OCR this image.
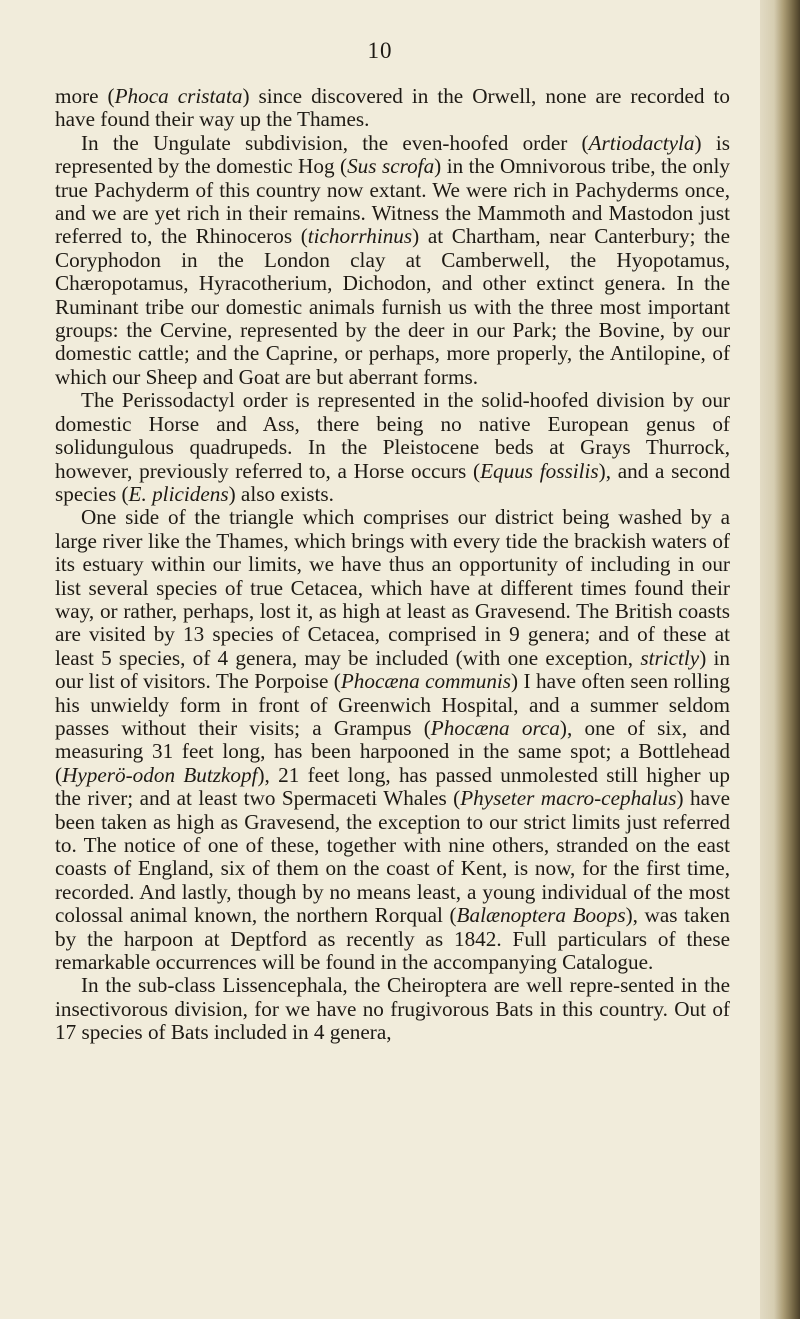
10

more (Phoca cristata) since discovered in the Orwell, none are recorded to have found their way up the Thames.

In the Ungulate subdivision, the even-hoofed order (Artiodactyla) is represented by the domestic Hog (Sus scrofa) in the Omnivorous tribe, the only true Pachyderm of this country now extant. We were rich in Pachyderms once, and we are yet rich in their remains. Witness the Mammoth and Mastodon just referred to, the Rhinoceros (tichorrhinus) at Chartham, near Canterbury; the Coryphodon in the London clay at Camberwell, the Hyopotamus, Chæropotamus, Hyracotherium, Dichodon, and other extinct genera. In the Ruminant tribe our domestic animals furnish us with the three most important groups: the Cervine, represented by the deer in our Park; the Bovine, by our domestic cattle; and the Caprine, or perhaps, more properly, the Antilopine, of which our Sheep and Goat are but aberrant forms.

The Perissodactyl order is represented in the solid-hoofed division by our domestic Horse and Ass, there being no native European genus of solidungulous quadrupeds. In the Pleistocene beds at Grays Thurrock, however, previously referred to, a Horse occurs (Equus fossilis), and a second species (E. plicidens) also exists.

One side of the triangle which comprises our district being washed by a large river like the Thames, which brings with every tide the brackish waters of its estuary within our limits, we have thus an opportunity of including in our list several species of true Cetacea, which have at different times found their way, or rather, perhaps, lost it, as high at least as Gravesend. The British coasts are visited by 13 species of Cetacea, comprised in 9 genera; and of these at least 5 species, of 4 genera, may be included (with one exception, strictly) in our list of visitors. The Porpoise (Phocæna communis) I have often seen rolling his unwieldy form in front of Greenwich Hospital, and a summer seldom passes without their visits; a Grampus (Phocæna orca), one of six, and measuring 31 feet long, has been harpooned in the same spot; a Bottlehead (Hyperö-odon Butzkopf), 21 feet long, has passed unmolested still higher up the river; and at least two Spermaceti Whales (Physeter macro-cephalus) have been taken as high as Gravesend, the exception to our strict limits just referred to. The notice of one of these, together with nine others, stranded on the east coasts of England, six of them on the coast of Kent, is now, for the first time, recorded. And lastly, though by no means least, a young individual of the most colossal animal known, the northern Rorqual (Balænoptera Boops), was taken by the harpoon at Deptford as recently as 1842. Full particulars of these remarkable occurrences will be found in the accompanying Catalogue.

In the sub-class Lissencephala, the Cheiroptera are well repre-sented in the insectivorous division, for we have no frugivorous Bats in this country. Out of 17 species of Bats included in 4 genera,
